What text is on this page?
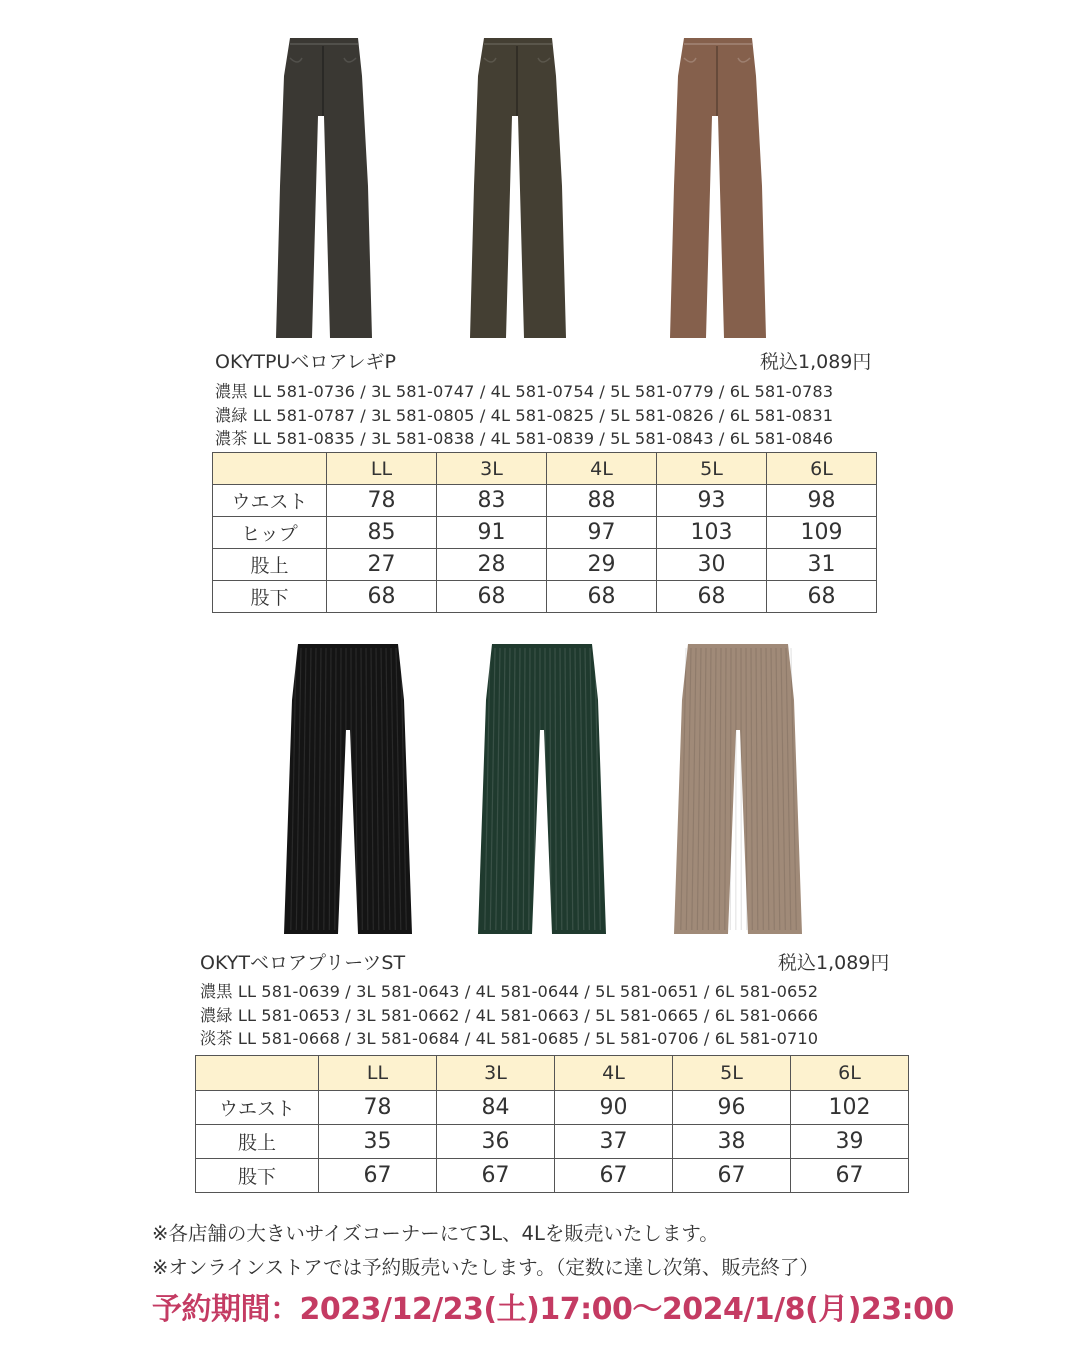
OKYTPUベロアレギP	税込1,089円
濃黒 LL 581-0736 / 3L 581-0747 / 4L 581-0754 / 5L 581-0779 / 6L 581-0783
濃緑 LL 581-0787 / 3L 581-0805 / 4L 581-0825 / 5L 581-0826 / 6L 581-0831
濃茶 LL 581-0835 / 3L 581-0838 / 4L 581-0839 / 5L 581-0843 / 6L 581-0846
	LL	3L	4L	5L	6L
ウエスト	78	83	88	93	98
ヒップ	85	91	97	103	109
股上	27	28	29	30	31
股下	68	68	68	68	68
OKYTベロアプリーツST	税込1,089円
濃黒 LL 581-0639 / 3L 581-0643 / 4L 581-0644 / 5L 581-0651 / 6L 581-0652
濃緑 LL 581-0653 / 3L 581-0662 / 4L 581-0663 / 5L 581-0665 / 6L 581-0666
淡茶 LL 581-0668 / 3L 581-0684 / 4L 581-0685 / 5L 581-0706 / 6L 581-0710
	LL	3L	4L	5L	6L
ウエスト	78	84	90	96	102
股上	35	36	37	38	39
股下	67	67	67	67	67
※各店舗の大きいサイズコーナーにて3L、4Lを販売いたします。
※オンラインストアでは予約販売いたします。（定数に達し次第、販売終了）
予約期間：2023/12/23(土)17:00〜2024/1/8(月)23:00
